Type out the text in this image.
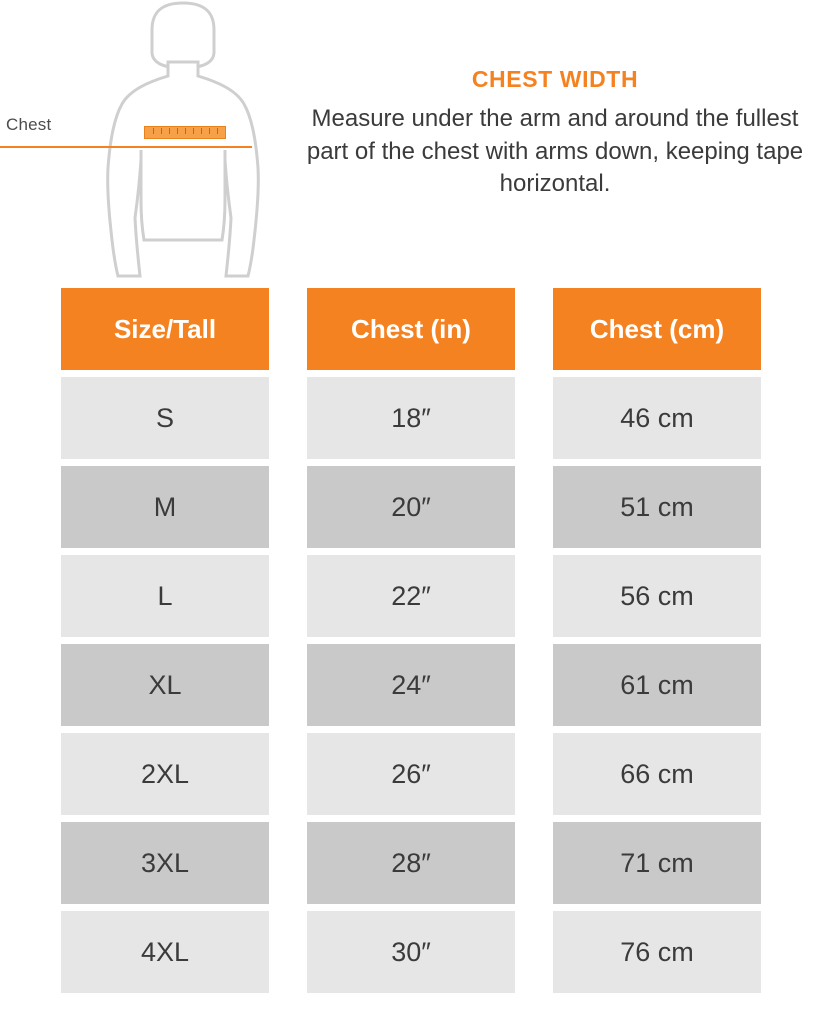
Chest
CHEST WIDTH

Measure under the arm and around the fullest part of the chest with arms down, keeping tape horizontal.

Size/Tall	Chest (in)	Chest (cm)
S	18″	46 cm
M	20″	51 cm
L	22″	56 cm
XL	24″	61 cm
2XL	26″	66 cm
3XL	28″	71 cm
4XL	30″	76 cm
